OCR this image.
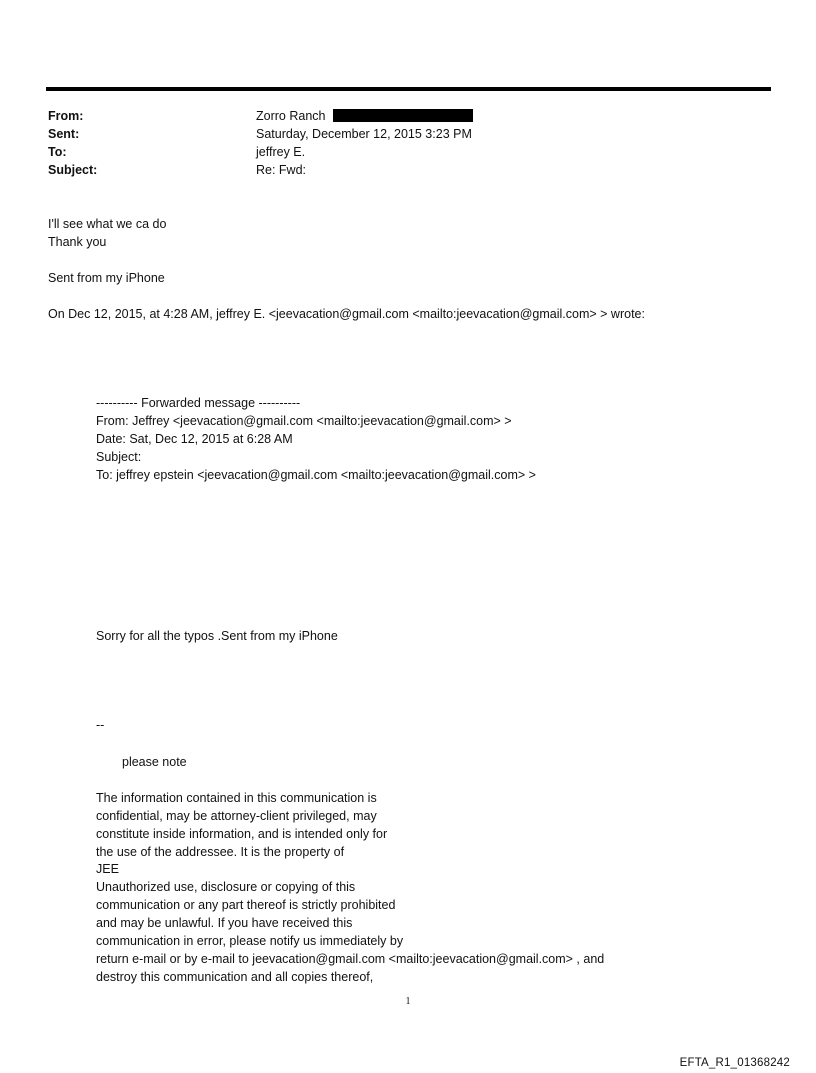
From:	Zorro Ranch
Sent:	Saturday, December 12, 2015 3:23 PM
To:	jeffrey E.
Subject:	Re: Fwd:
I'll see what we ca do
Thank you
Sent from my iPhone
On Dec 12, 2015, at 4:28 AM, jeffrey E. <jeevacation@gmail.com <mailto:jeevacation@gmail.com> > wrote:
---------- Forwarded message ----------
From: Jeffrey <jeevacation@gmail.com <mailto:jeevacation@gmail.com> >
Date: Sat, Dec 12, 2015 at 6:28 AM
Subject:
To: jeffrey epstein <jeevacation@gmail.com <mailto:jeevacation@gmail.com> >
Sorry for all the typos .Sent from my iPhone
--
please note
The information contained in this communication is
confidential, may be attorney-client privileged, may
constitute inside information, and is intended only for
the use of the addressee. It is the property of
JEE
Unauthorized use, disclosure or copying of this
communication or any part thereof is strictly prohibited
and may be unlawful. If you have received this
communication in error, please notify us immediately by
return e-mail or by e-mail to jeevacation@gmail.com <mailto:jeevacation@gmail.com> , and
destroy this communication and all copies thereof,
1
EFTA_R1_01368242
